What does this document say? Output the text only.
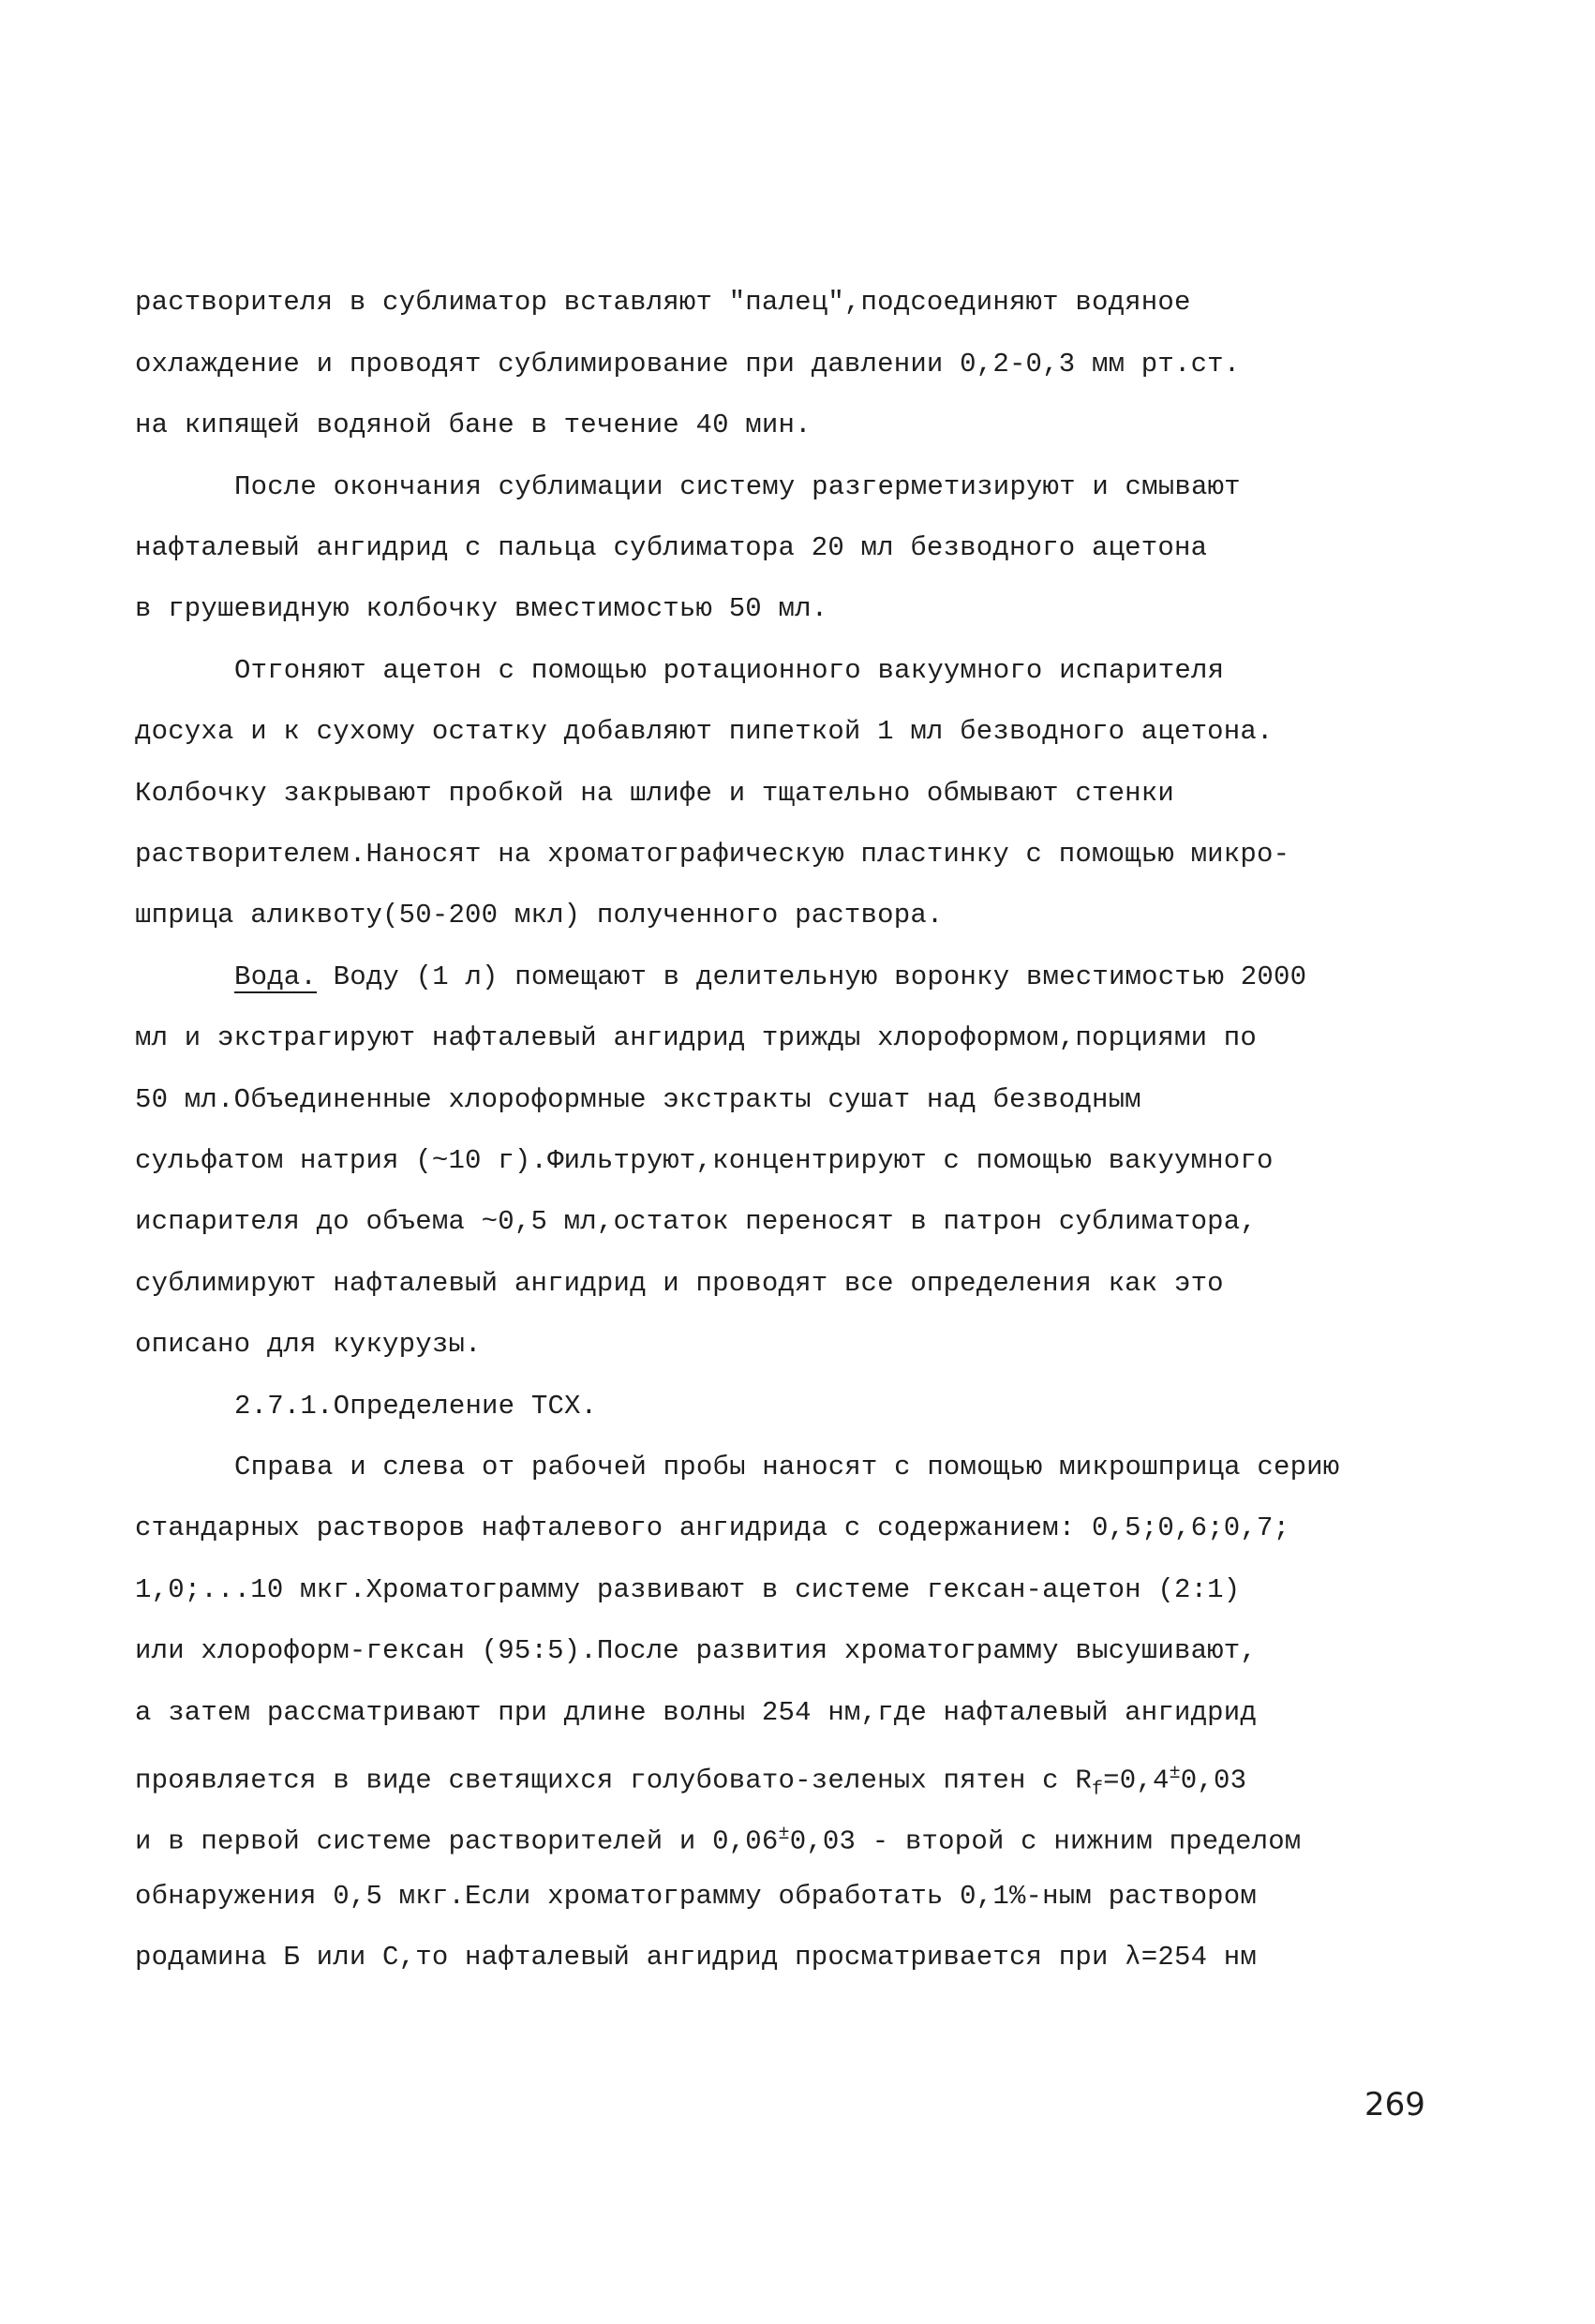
растворителя в сублиматор вставляют "палец",подсоединяют водяное
охлаждение и проводят сублимирование при давлении 0,2-0,3 мм рт.ст.
на кипящей водяной бане в течение 40 мин.
После окончания сублимации систему разгерметизируют и смывают
нафталевый ангидрид с пальца сублиматора 20 мл безводного ацетона
в грушевидную колбочку вместимостью 50 мл.
Отгоняют ацетон с помощью ротационного вакуумного испарителя
досуха и к сухому остатку добавляют пипеткой 1 мл безводного ацетона.
Колбочку закрывают пробкой на шлифе и тщательно обмывают стенки
растворителем.Наносят на хроматографическую пластинку с помощью микро-
шприца аликвоту(50-200 мкл) полученного раствора.
Вода. Воду (1 л) помещают в делительную воронку вместимостью 2000
мл и экстрагируют нафталевый ангидрид трижды хлороформом,порциями по
50 мл.Объединенные хлороформные экстракты сушат над безводным
сульфатом натрия (~10 г).Фильтруют,концентрируют с помощью вакуумного
испарителя до объема ~0,5 мл,остаток переносят в патрон сублиматора,
сублимируют нафталевый ангидрид и проводят все определения как это
описано для кукурузы.
2.7.1.Определение ТСХ.
Справа и слева от рабочей пробы наносят с помощью микрошприца серию
стандарных растворов нафталевого ангидрида с содержанием: 0,5;0,6;0,7;
1,0;...10 мкг.Хроматограмму развивают в системе гексан-ацетон (2:1)
или хлороформ-гексан (95:5).После развития хроматограмму высушивают,
а затем рассматривают при длине волны 254 нм,где нафталевый ангидрид
проявляется в виде светящихся голубовато-зеленых пятен с $R_f=0,4^\pm 0,03$
и в первой системе растворителей и 0,06±0,03 - второй с нижним пределом
обнаружения 0,5 мкг.Если хроматограмму обработать 0,1%-ным раствором
родамина Б или С,то нафталевый ангидрид просматривается при λ=254 нм
269
